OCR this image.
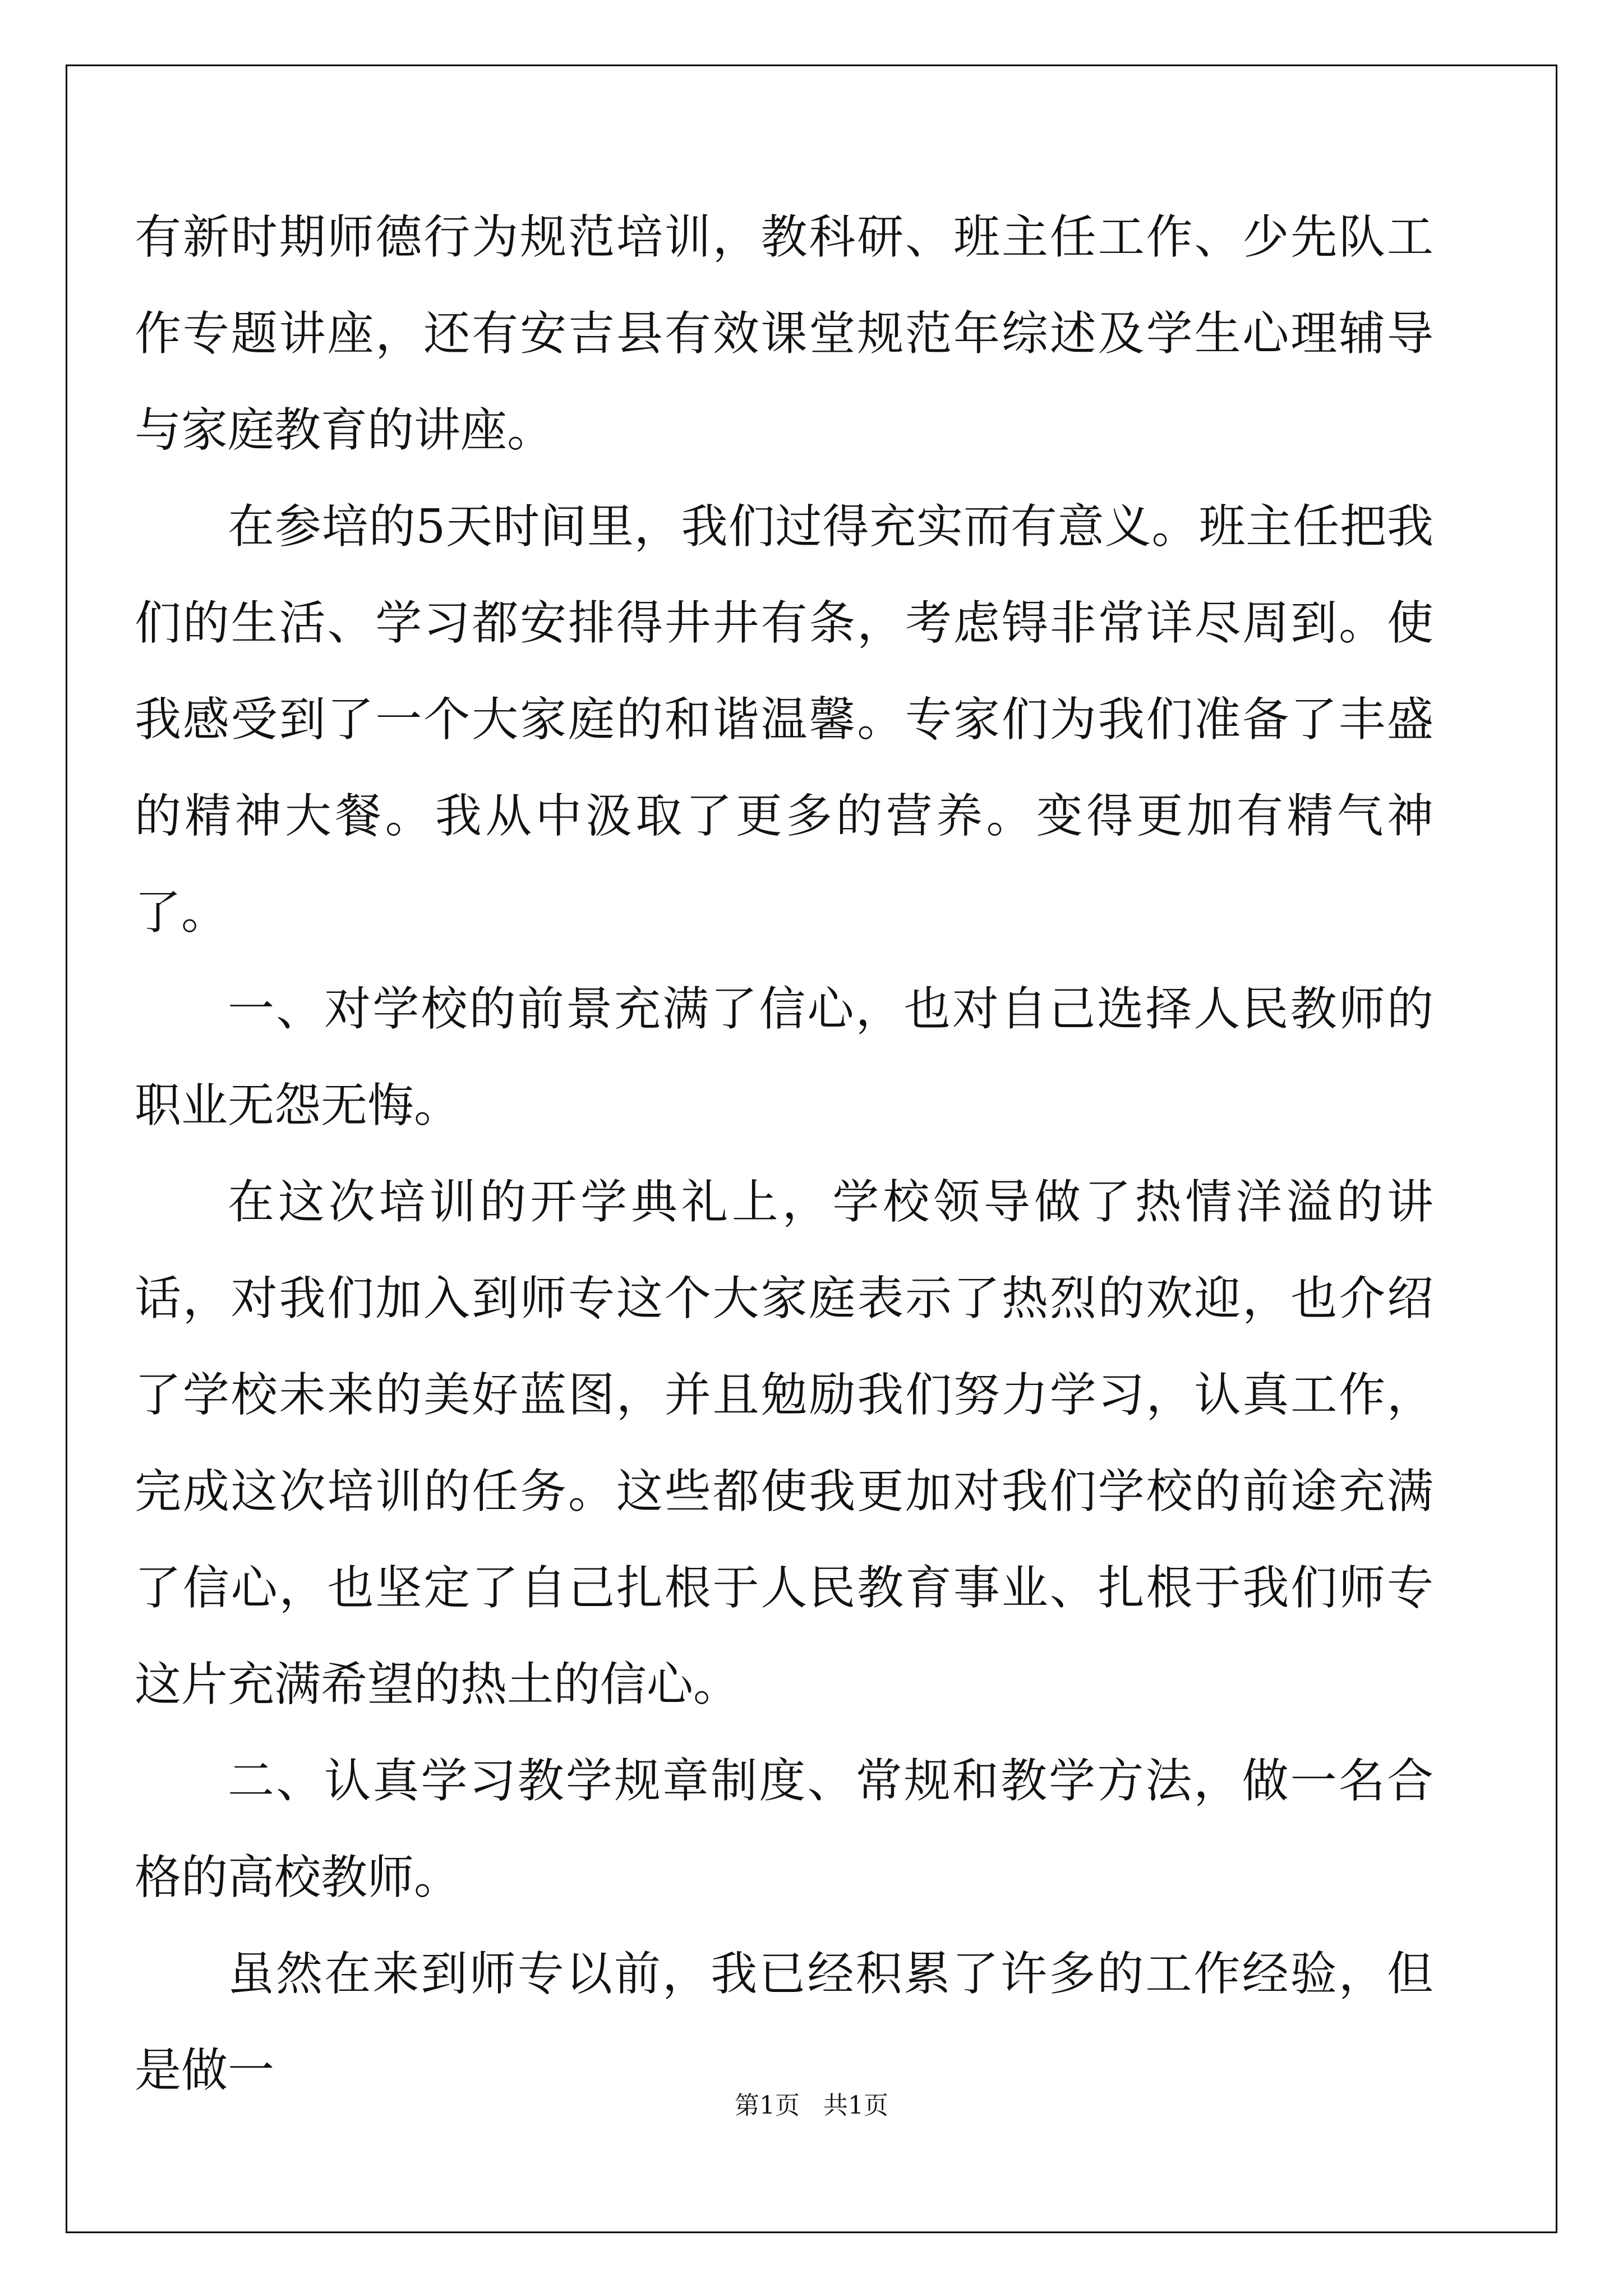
有新时期师德行为规范培训，教科研、班主任工作、少先队工作专题讲座，还有安吉县有效课堂规范年综述及学生心理辅导与家庭教育的讲座。

在参培的5天时间里，我们过得充实而有意义。班主任把我们的生活、学习都安排得井井有条，考虑锝非常详尽周到。使我感受到了一个大家庭的和谐温馨。专家们为我们准备了丰盛的精神大餐。我从中汲取了更多的营养。变得更加有精气神了。

一、对学校的前景充满了信心，也对自己选择人民教师的职业无怨无悔。

在这次培训的开学典礼上，学校领导做了热情洋溢的讲话，对我们加入到师专这个大家庭表示了热烈的欢迎，也介绍了学校未来的美好蓝图，并且勉励我们努力学习，认真工作，完成这次培训的任务。这些都使我更加对我们学校的前途充满了信心，也坚定了自己扎根于人民教育事业、扎根于我们师专这片充满希望的热土的信心。

二、认真学习教学规章制度、常规和教学方法，做一名合格的高校教师。

虽然在来到师专以前，我已经积累了许多的工作经验，但是做一

第1页   共1页
